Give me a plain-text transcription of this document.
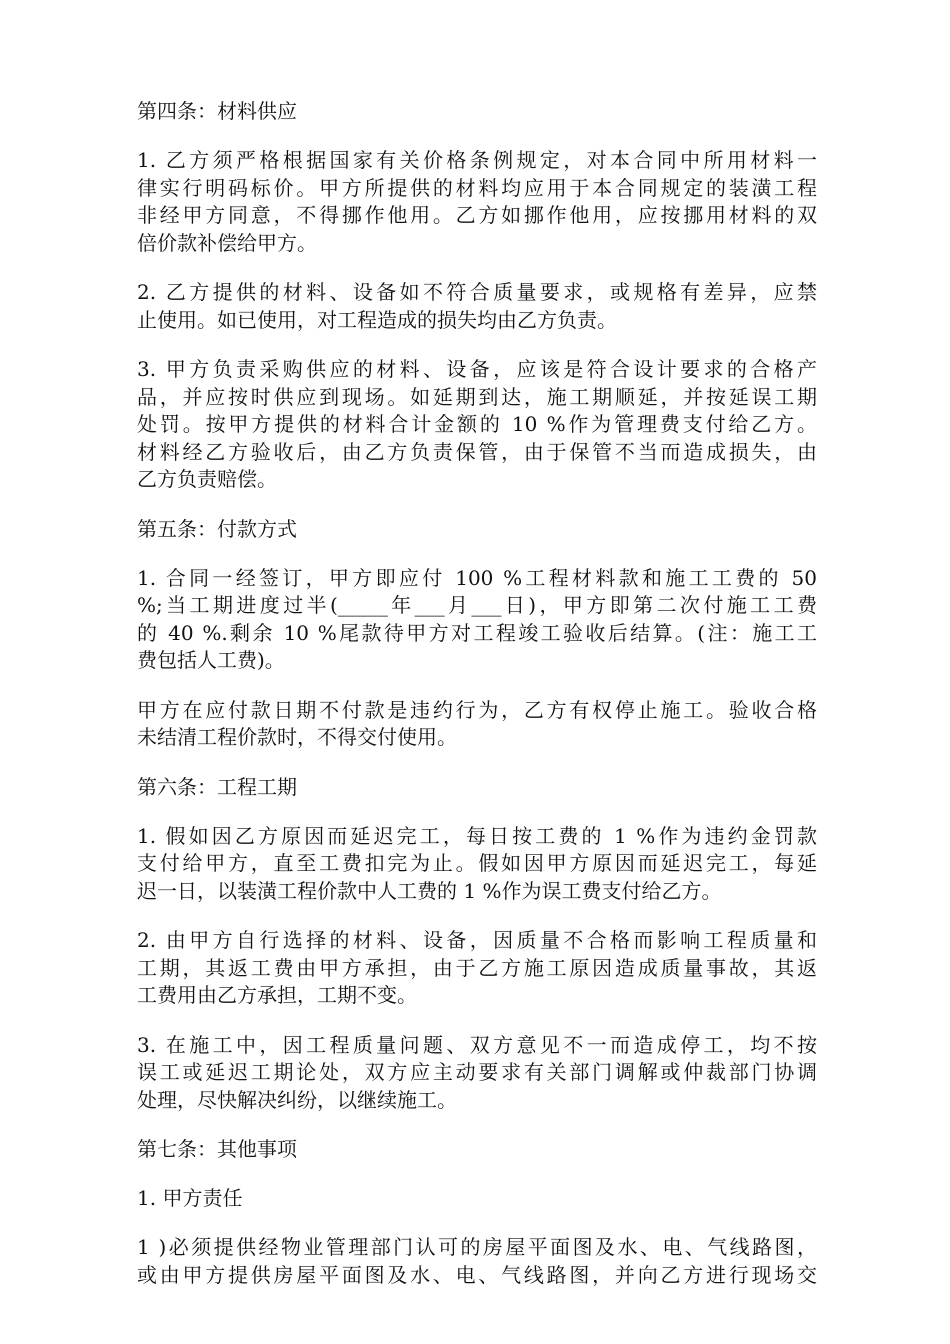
第四条：材料供应
1. 乙方须严格根据国家有关价格条例规定，对本合同中所用材料一
律实行明码标价。甲方所提供的材料均应用于本合同规定的装潢工程
非经甲方同意，不得挪作他用。乙方如挪作他用，应按挪用材料的双
倍价款补偿给甲方。
2. 乙方提供的材料、设备如不符合质量要求，或规格有差异，应禁
止使用。如已使用，对工程造成的损失均由乙方负责。
3. 甲方负责采购供应的材料、设备，应该是符合设计要求的合格产
品，并应按时供应到现场。如延期到达，施工期顺延，并按延误工期
处罚。按甲方提供的材料合计金额的 10 %作为管理费支付给乙方。
材料经乙方验收后，由乙方负责保管，由于保管不当而造成损失，由
乙方负责赔偿。
第五条：付款方式
1. 合同一经签订，甲方即应付 100 %工程材料款和施工工费的 50
%;当工期进度过半(_____年___月___日)，甲方即第二次付施工工费
的 40 %.剩余 10 %尾款待甲方对工程竣工验收后结算。(注：施工工
费包括人工费)。
甲方在应付款日期不付款是违约行为，乙方有权停止施工。验收合格
未结清工程价款时，不得交付使用。
第六条：工程工期
1. 假如因乙方原因而延迟完工，每日按工费的 1 %作为违约金罚款
支付给甲方，直至工费扣完为止。假如因甲方原因而延迟完工，每延
迟一日，以装潢工程价款中人工费的 1 %作为误工费支付给乙方。
2. 由甲方自行选择的材料、设备，因质量不合格而影响工程质量和
工期，其返工费由甲方承担，由于乙方施工原因造成质量事故，其返
工费用由乙方承担，工期不变。
3. 在施工中，因工程质量问题、双方意见不一而造成停工，均不按
误工或延迟工期论处，双方应主动要求有关部门调解或仲裁部门协调
处理，尽快解决纠纷，以继续施工。
第七条：其他事项
1. 甲方责任
1 )必须提供经物业管理部门认可的房屋平面图及水、电、气线路图，
或由甲方提供房屋平面图及水、电、气线路图，并向乙方进行现场交
